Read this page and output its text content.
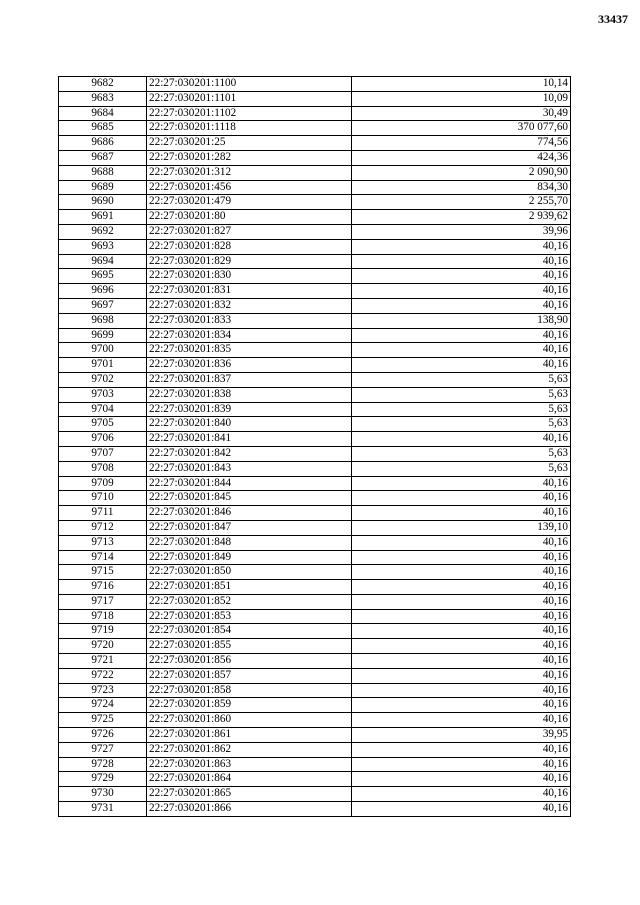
33437
9682	22:27:030201:1100	10,14
9683	22:27:030201:1101	10,09
9684	22:27:030201:1102	30,49
9685	22:27:030201:1118	370 077,60
9686	22:27:030201:25	774,56
9687	22:27:030201:282	424,36
9688	22:27:030201:312	2 090,90
9689	22:27:030201:456	834,30
9690	22:27:030201:479	2 255,70
9691	22:27:030201:80	2 939,62
9692	22:27:030201:827	39,96
9693	22:27:030201:828	40,16
9694	22:27:030201:829	40,16
9695	22:27:030201:830	40,16
9696	22:27:030201:831	40,16
9697	22:27:030201:832	40,16
9698	22:27:030201:833	138,90
9699	22:27:030201:834	40,16
9700	22:27:030201:835	40,16
9701	22:27:030201:836	40,16
9702	22:27:030201:837	5,63
9703	22:27:030201:838	5,63
9704	22:27:030201:839	5,63
9705	22:27:030201:840	5,63
9706	22:27:030201:841	40,16
9707	22:27:030201:842	5,63
9708	22:27:030201:843	5,63
9709	22:27:030201:844	40,16
9710	22:27:030201:845	40,16
9711	22:27:030201:846	40,16
9712	22:27:030201:847	139,10
9713	22:27:030201:848	40,16
9714	22:27:030201:849	40,16
9715	22:27:030201:850	40,16
9716	22:27:030201:851	40,16
9717	22:27:030201:852	40,16
9718	22:27:030201:853	40,16
9719	22:27:030201:854	40,16
9720	22:27:030201:855	40,16
9721	22:27:030201:856	40,16
9722	22:27:030201:857	40,16
9723	22:27:030201:858	40,16
9724	22:27:030201:859	40,16
9725	22:27:030201:860	40,16
9726	22:27:030201:861	39,95
9727	22:27:030201:862	40,16
9728	22:27:030201:863	40,16
9729	22:27:030201:864	40,16
9730	22:27:030201:865	40,16
9731	22:27:030201:866	40,16
